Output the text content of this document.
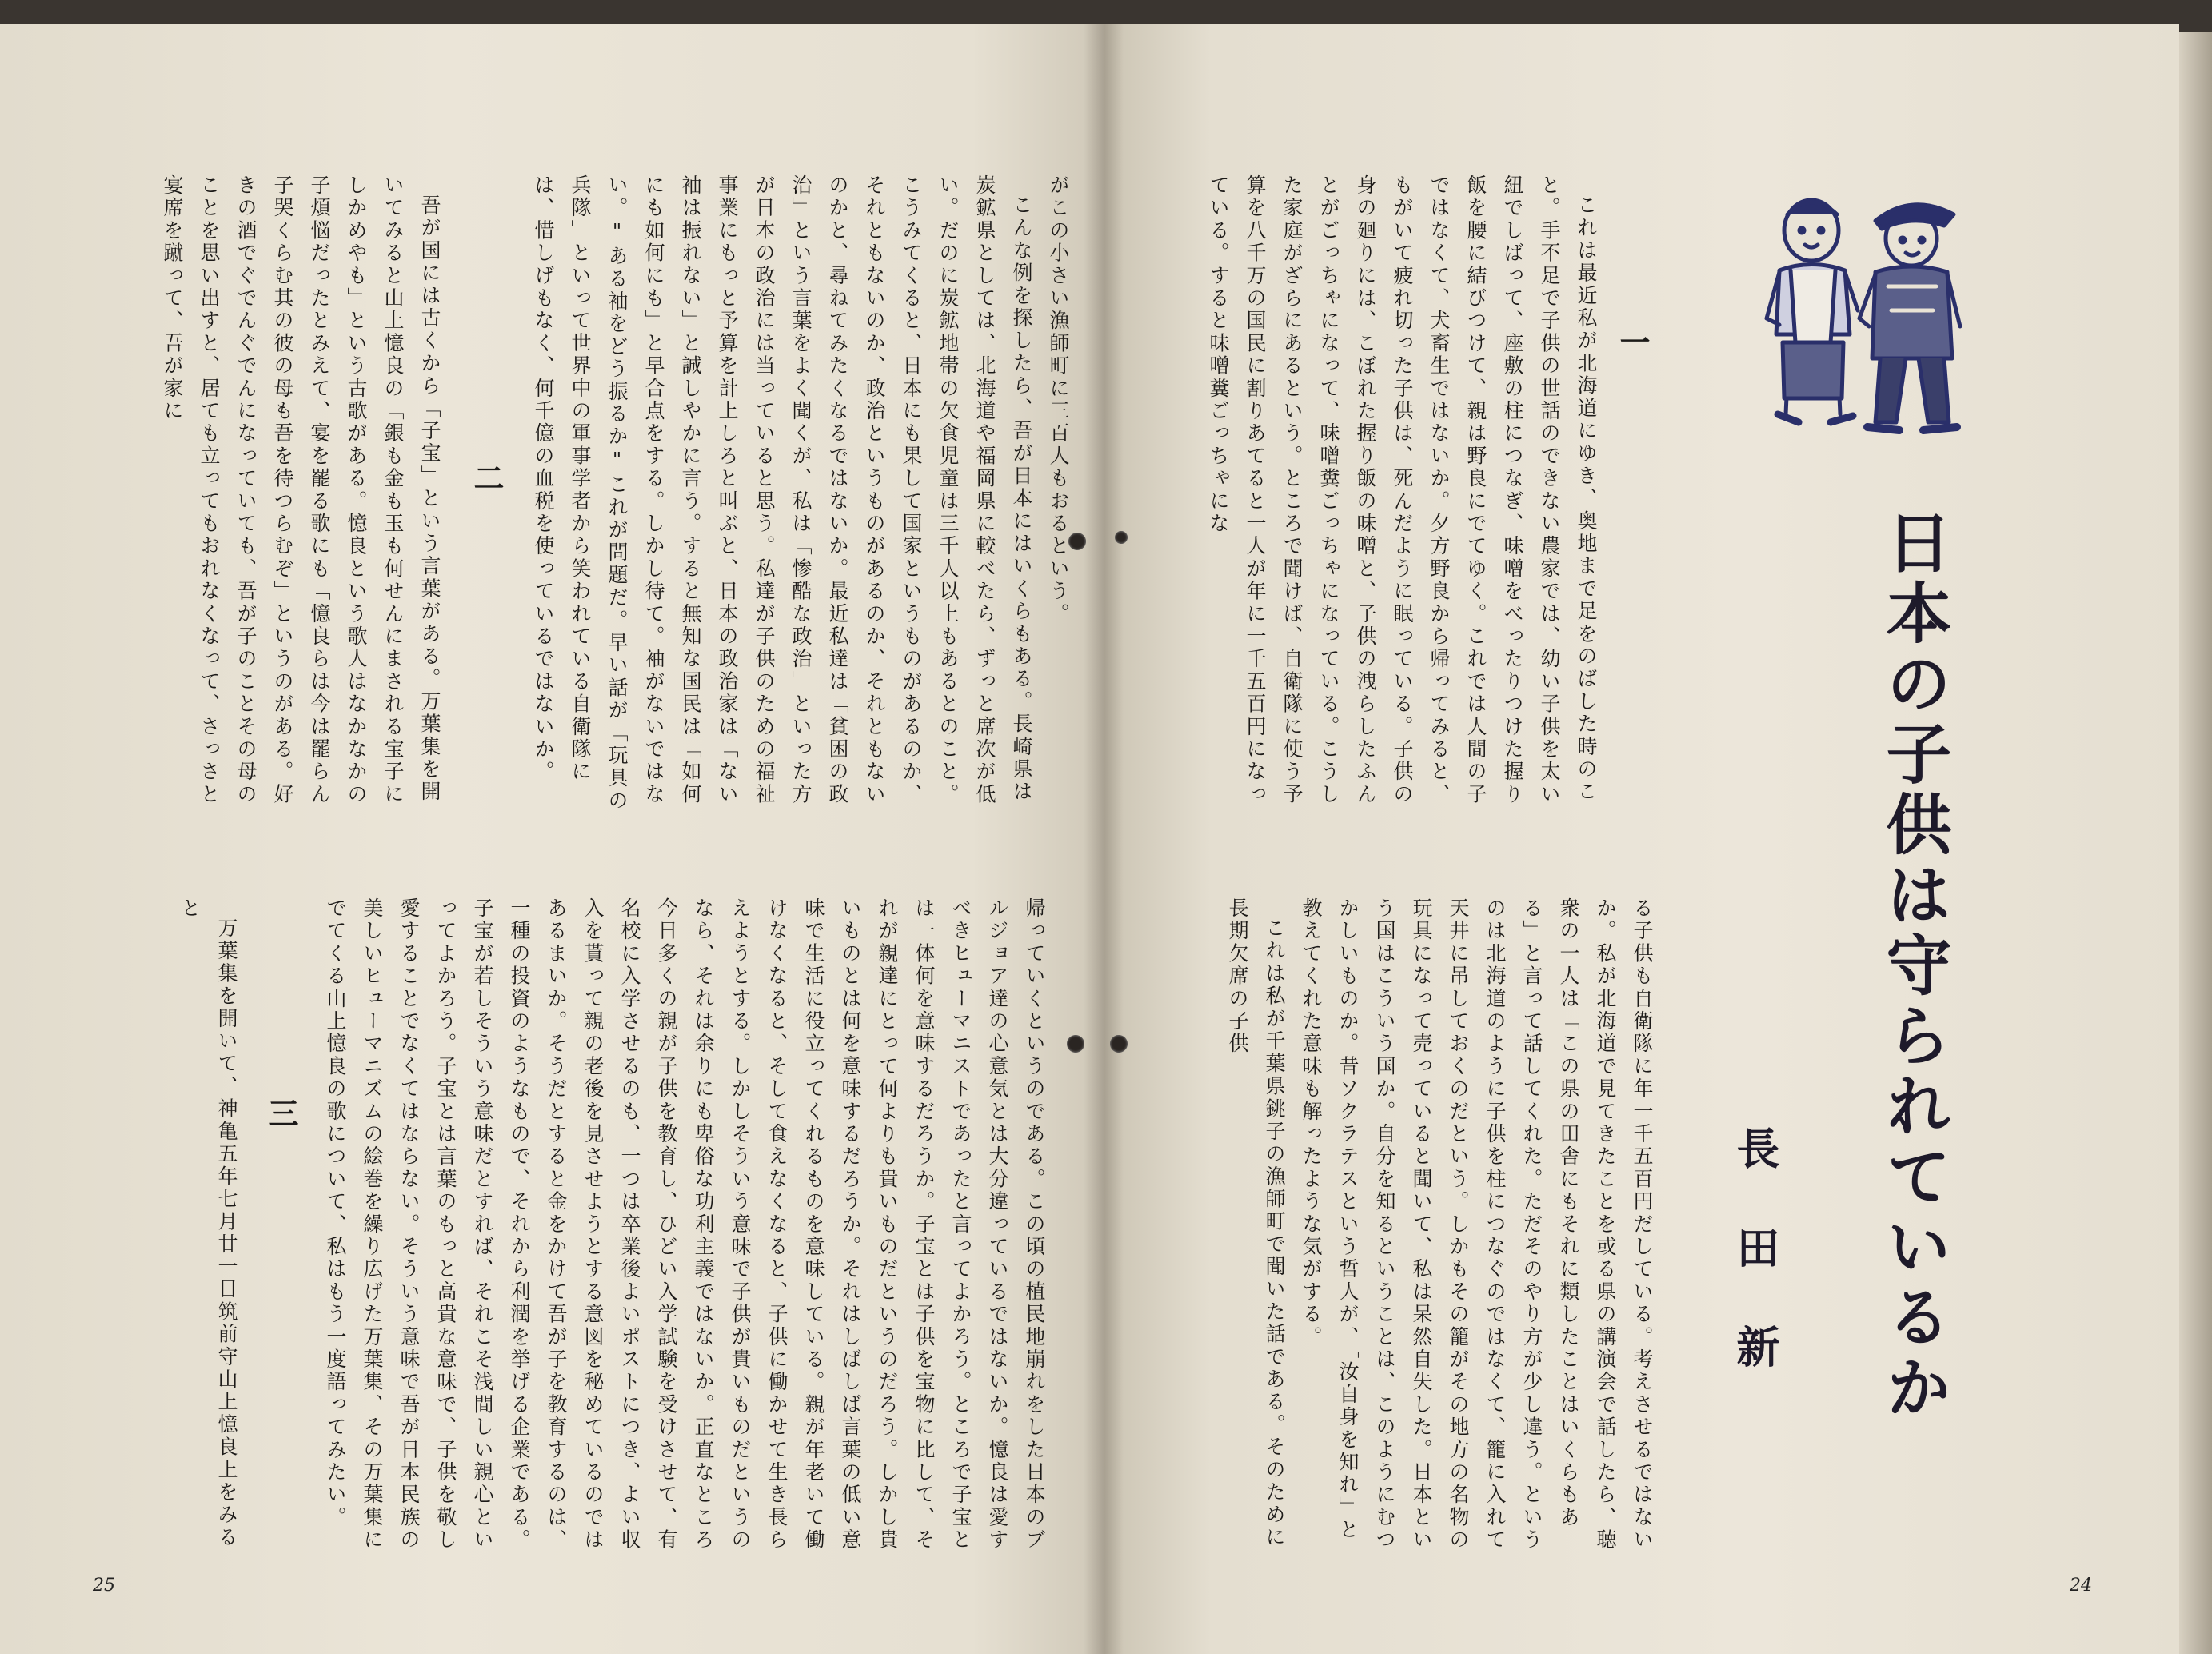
日本の子供は守られているか
長田新

一

これは最近私が北海道にゆき、奥地まで足をのばした時のこと。手不足で子供の世話のできない農家では、幼い子供を太い紐でしばって、座敷の柱につなぎ、味噌をべったりつけた握り飯を腰に結びつけて、親は野良にでてゆく。これでは人間の子ではなくて、犬畜生ではないか。夕方野良から帰ってみると、もがいて疲れ切った子供は、死んだように眠っている。子供の身の廻りには、こぼれた握り飯の味噌と、子供の洩らしたふんとがごっちゃになって、味噌糞ごっちゃになっている。こうした家庭がざらにあるという。ところで聞けば、自衛隊に使う予算を八千万の国民に割りあてると一人が年に一千五百円になっている。すると味噌糞ごっちゃにな

る子供も自衛隊に年一千五百円だしている。考えさせるではないか。私が北海道で見てきたことを或る県の講演会で話したら、聴衆の一人は「この県の田舎にもそれに類したことはいくらもある」と言って話してくれた。ただそのやり方が少し違う。というのは北海道のように子供を柱につなぐのではなくて、籠に入れて天井に吊しておくのだという。しかもその籠がその地方の名物の玩具になって売っていると聞いて、私は呆然自失した。日本という国はこういう国か。自分を知るということは、このようにむつかしいものか。昔ソクラテスという哲人が、「汝自身を知れ」と教えてくれた意味も解ったような気がする。

これは私が千葉県銚子の漁師町で聞いた話である。そのために長期欠席の子供

24

がこの小さい漁師町に三百人もおるという。

こんな例を探したら、吾が日本にはいくらもある。長崎県は炭鉱県としては、北海道や福岡県に較べたら、ずっと席次が低い。だのに炭鉱地帯の欠食児童は三千人以上もあるとのこと。こうみてくると、日本にも果して国家というものがあるのか、それともないのか、政治というものがあるのか、それともないのかと、尋ねてみたくなるではないか。最近私達は「貧困の政治」という言葉をよく聞くが、私は「惨酷な政治」といった方が日本の政治には当っていると思う。私達が子供のための福祉事業にもっと予算を計上しろと叫ぶと、日本の政治家は「ない袖は振れない」と誠しやかに言う。すると無知な国民は「如何にも如何にも」と早合点をする。しかし待て。袖がないではない。"ある袖をどう振るか"これが問題だ。早い話が「玩具の兵隊」といって世界中の軍事学者から笑われている自衛隊には、惜しげもなく、何千億の血税を使っているではないか。

二

吾が国には古くから「子宝」という言葉がある。万葉集を開いてみると山上憶良の「銀も金も玉も何せんにまされる宝子にしかめやも」という古歌がある。憶良という歌人はなかなかの子煩悩だったとみえて、宴を罷る歌にも「憶良らは今は罷らん子哭くらむ其の彼の母も吾を待つらむぞ」というのがある。好きの酒でぐでんぐでんになっていても、吾が子のことその母のことを思い出すと、居ても立ってもおれなくなって、さっさと宴席を蹴って、吾が家に

帰っていくというのである。この頃の植民地崩れをした日本のブルジョア達の心意気とは大分違っているではないか。憶良は愛すべきヒューマニストであったと言ってよかろう。ところで子宝とは一体何を意味するだろうか。子宝とは子供を宝物に比して、それが親達にとって何よりも貴いものだというのだろう。しかし貴いものとは何を意味するだろうか。それはしばしば言葉の低い意味で生活に役立ってくれるものを意味している。親が年老いて働けなくなると、そして食えなくなると、子供に働かせて生き長らえようとする。しかしそういう意味で子供が貴いものだというのなら、それは余りにも卑俗な功利主義ではないか。正直なところ今日多くの親が子供を教育し、ひどい入学試験を受けさせて、有名校に入学させるのも、一つは卒業後よいポストにつき、よい収入を貰って親の老後を見させようとする意図を秘めているのではあるまいか。そうだとすると金をかけて吾が子を教育するのは、一種の投資のようなもので、それから利潤を挙げる企業である。子宝が若しそういう意味だとすれば、それこそ浅間しい親心といってよかろう。子宝とは言葉のもっと高貴な意味で、子供を敬し愛することでなくてはならない。そういう意味で吾が日本民族の美しいヒューマニズムの絵巻を繰り広げた万葉集、その万葉集にでてくる山上憶良の歌について、私はもう一度語ってみたい。

三

万葉集を開いて、神亀五年七月廿一日筑前守山上憶良上をみると

25
